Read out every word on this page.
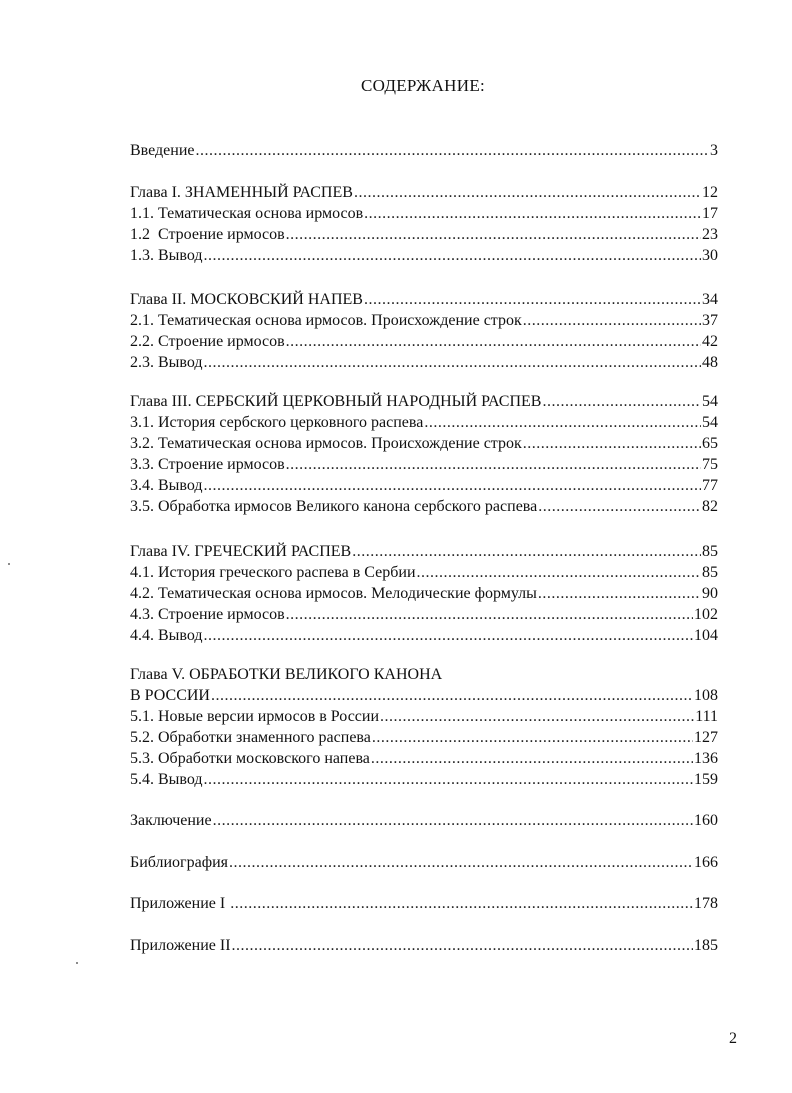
СОДЕРЖАНИЕ:
Введение .....	3
Глава I. ЗНАМЕННЫЙ РАСПЕВ .....	12
1.1. Тематическая основа ирмосов .....	17
1.2  Строение ирмосов .....	23
1.3. Вывод .....	30
Глава II. МОСКОВСКИЙ НАПЕВ .....	34
2.1. Тематическая основа ирмосов. Происхождение строк .....	37
2.2. Строение ирмосов .....	42
2.3. Вывод .....	48
Глава III. СЕРБСКИЙ ЦЕРКОВНЫЙ НАРОДНЫЙ РАСПЕВ .....	54
3.1. История сербского церковного распева .....	54
3.2. Тематическая основа ирмосов. Происхождение строк .....	65
3.3. Строение ирмосов .....	75
3.4. Вывод .....	77
3.5. Обработка ирмосов Великого канона сербского распева .....	82
Глава IV. ГРЕЧЕСКИЙ РАСПЕВ .....	85
4.1. История греческого распева в Сербии .....	85
4.2. Тематическая основа ирмосов. Мелодические формулы .....	90
4.3. Строение ирмосов .....	102
4.4. Вывод .....	104
Глава V. ОБРАБОТКИ ВЕЛИКОГО КАНОНА
В РОССИИ .....	108
5.1. Новые версии ирмосов в России .....	111
5.2. Обработки знаменного распева .....	127
5.3. Обработки московского напева .....	136
5.4. Вывод .....	159
Заключение .....	160
Библиография .....	166
Приложение I .....	178
Приложение II .....	185
2
